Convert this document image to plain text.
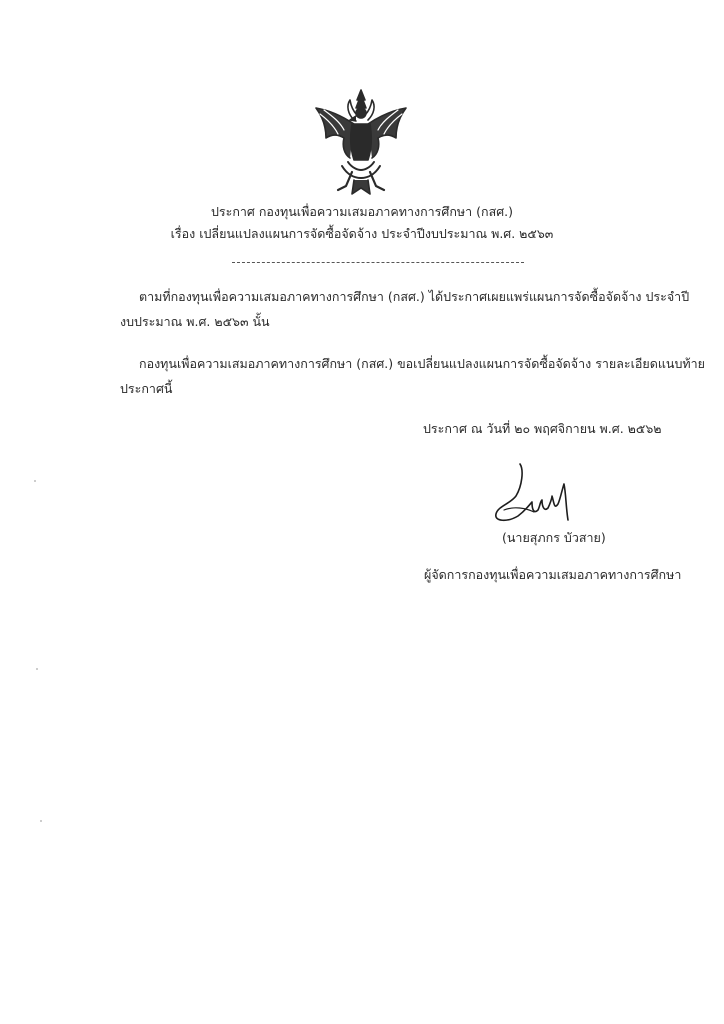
ประกาศ กองทุนเพื่อความเสมอภาคทางการศึกษา (กสศ.)
เรื่อง เปลี่ยนแปลงแผนการจัดซื้อจัดจ้าง ประจำปีงบประมาณ พ.ศ. ๒๕๖๓
ตามที่กองทุนเพื่อความเสมอภาคทางการศึกษา (กสศ.) ได้ประกาศเผยแพร่แผนการจัดซื้อจัดจ้าง ประจำปี
งบประมาณ พ.ศ. ๒๕๖๓ นั้น
กองทุนเพื่อความเสมอภาคทางการศึกษา (กสศ.) ขอเปลี่ยนแปลงแผนการจัดซื้อจัดจ้าง รายละเอียดแนบท้าย
ประกาศนี้
ประกาศ ณ วันที่ ๒๐ พฤศจิกายน พ.ศ. ๒๕๖๒
(นายสุภกร บัวสาย)
ผู้จัดการกองทุนเพื่อความเสมอภาคทางการศึกษา
